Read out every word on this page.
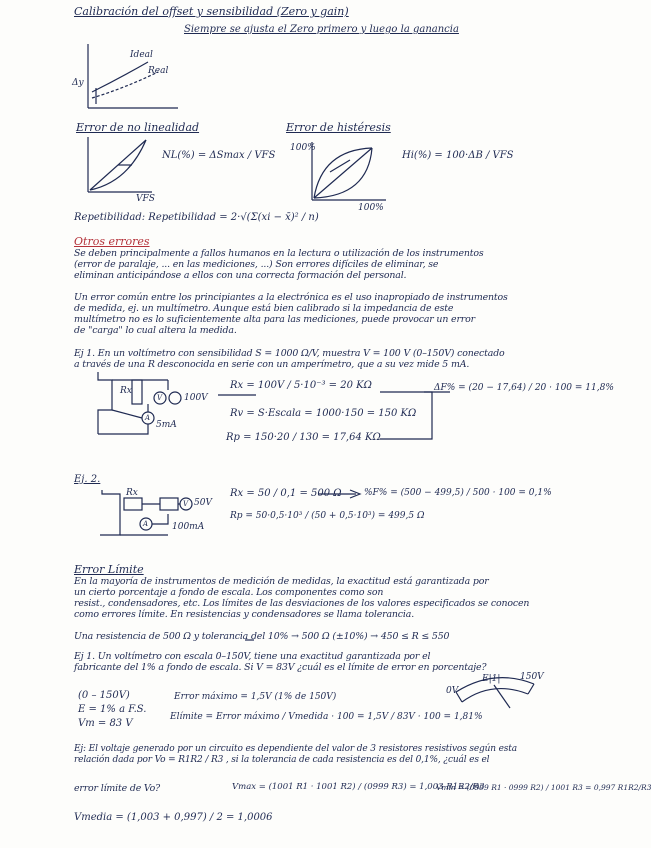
Calibración del offset y sensibilidad (Zero y gain)
Siempre se ajusta el Zero primero y luego la ganancia
Ideal
Real
Δy
Error de no linealidad
NL(%) = ΔSmax / VFS
VFS
Error de histéresis
100%
100%
Hi(%) = 100·ΔB / VFS
Repetibilidad: Repetibilidad = 2·√(Σ(xi − x̄)² / n)
Otros errores
Se deben principalmente a fallos humanos en la lectura o utilización de los instrumentos
(error de paralaje, ... en las mediciones, ...) Son errores difíciles de eliminar, se
eliminan anticipándose a ellos con una correcta formación del personal.
Un error común entre los principiantes a la electrónica es el uso inapropiado de instrumentos
de medida, ej. un multímetro. Aunque está bien calibrado si la impedancia de este
multímetro no es lo suficientemente alta para las mediciones, puede provocar un error
de "carga" lo cual altera la medida.
Ej 1. En un voltímetro con sensibilidad S = 1000 Ω/V, muestra V = 100 V (0–150V) conectado
a través de una R desconocida en serie con un amperímetro, que a su vez mide 5 mA.
Rx
100V
V
A
5mA
Rx = 100V / 5·10⁻³ = 20 KΩ
Rv = S·Escala = 1000·150 = 150 KΩ
Rp = 150·20 / 130 = 17,64 KΩ
ΔF% = (20 − 17,64) / 20 · 100 = 11,8%
Ej. 2.
Rx
50V
V
A	100mA
Rx = 50 / 0,1 = 500 Ω
Rp = 50·0,5·10³ / (50 + 0,5·10³) = 499,5 Ω
%F% = (500 − 499,5) / 500 · 100 = 0,1%
Error Límite
En la mayoría de instrumentos de medición de medidas, la exactitud está garantizada por
un cierto porcentaje a fondo de escala. Los componentes como son
resist., condensadores, etc. Los límites de las desviaciones de los valores especificados se conocen
como errores límite. En resistencias y condensadores se llama tolerancia.
Una resistencia de 500 Ω y tolerancia del 10% → 500 Ω (±10%) → 450 ≤ R ≤ 550
Ej 1. Un voltímetro con escala 0–150V, tiene una exactitud garantizada por el
fabricante del 1% a fondo de escala. Si V = 83V ¿cuál es el límite de error en porcentaje?
E|1|
0V
150V
(0 – 150V)
E = 1% a F.S.
Vm = 83 V
Error máximo = 1,5V (1% de 150V)
Elímite = Error máximo / Vmedida · 100 = 1,5V / 83V · 100 = 1,81%
Ej: El voltaje generado por un circuito es dependiente del valor de 3 resistores resistivos según esta
relación dada por Vo = R1R2 / R3 , si la tolerancia de cada resistencia es del 0,1%, ¿cuál es el
error límite de Vo?	Vmax = (1001 R1 · 1001 R2) / (0999 R3) = 1,003 R1R2/R3
Vmin = (0999 R1 · 0999 R2) / 1001 R3 = 0,997 R1R2/R3
Vmedia = (1,003 + 0,997) / 2 = 1,0006
